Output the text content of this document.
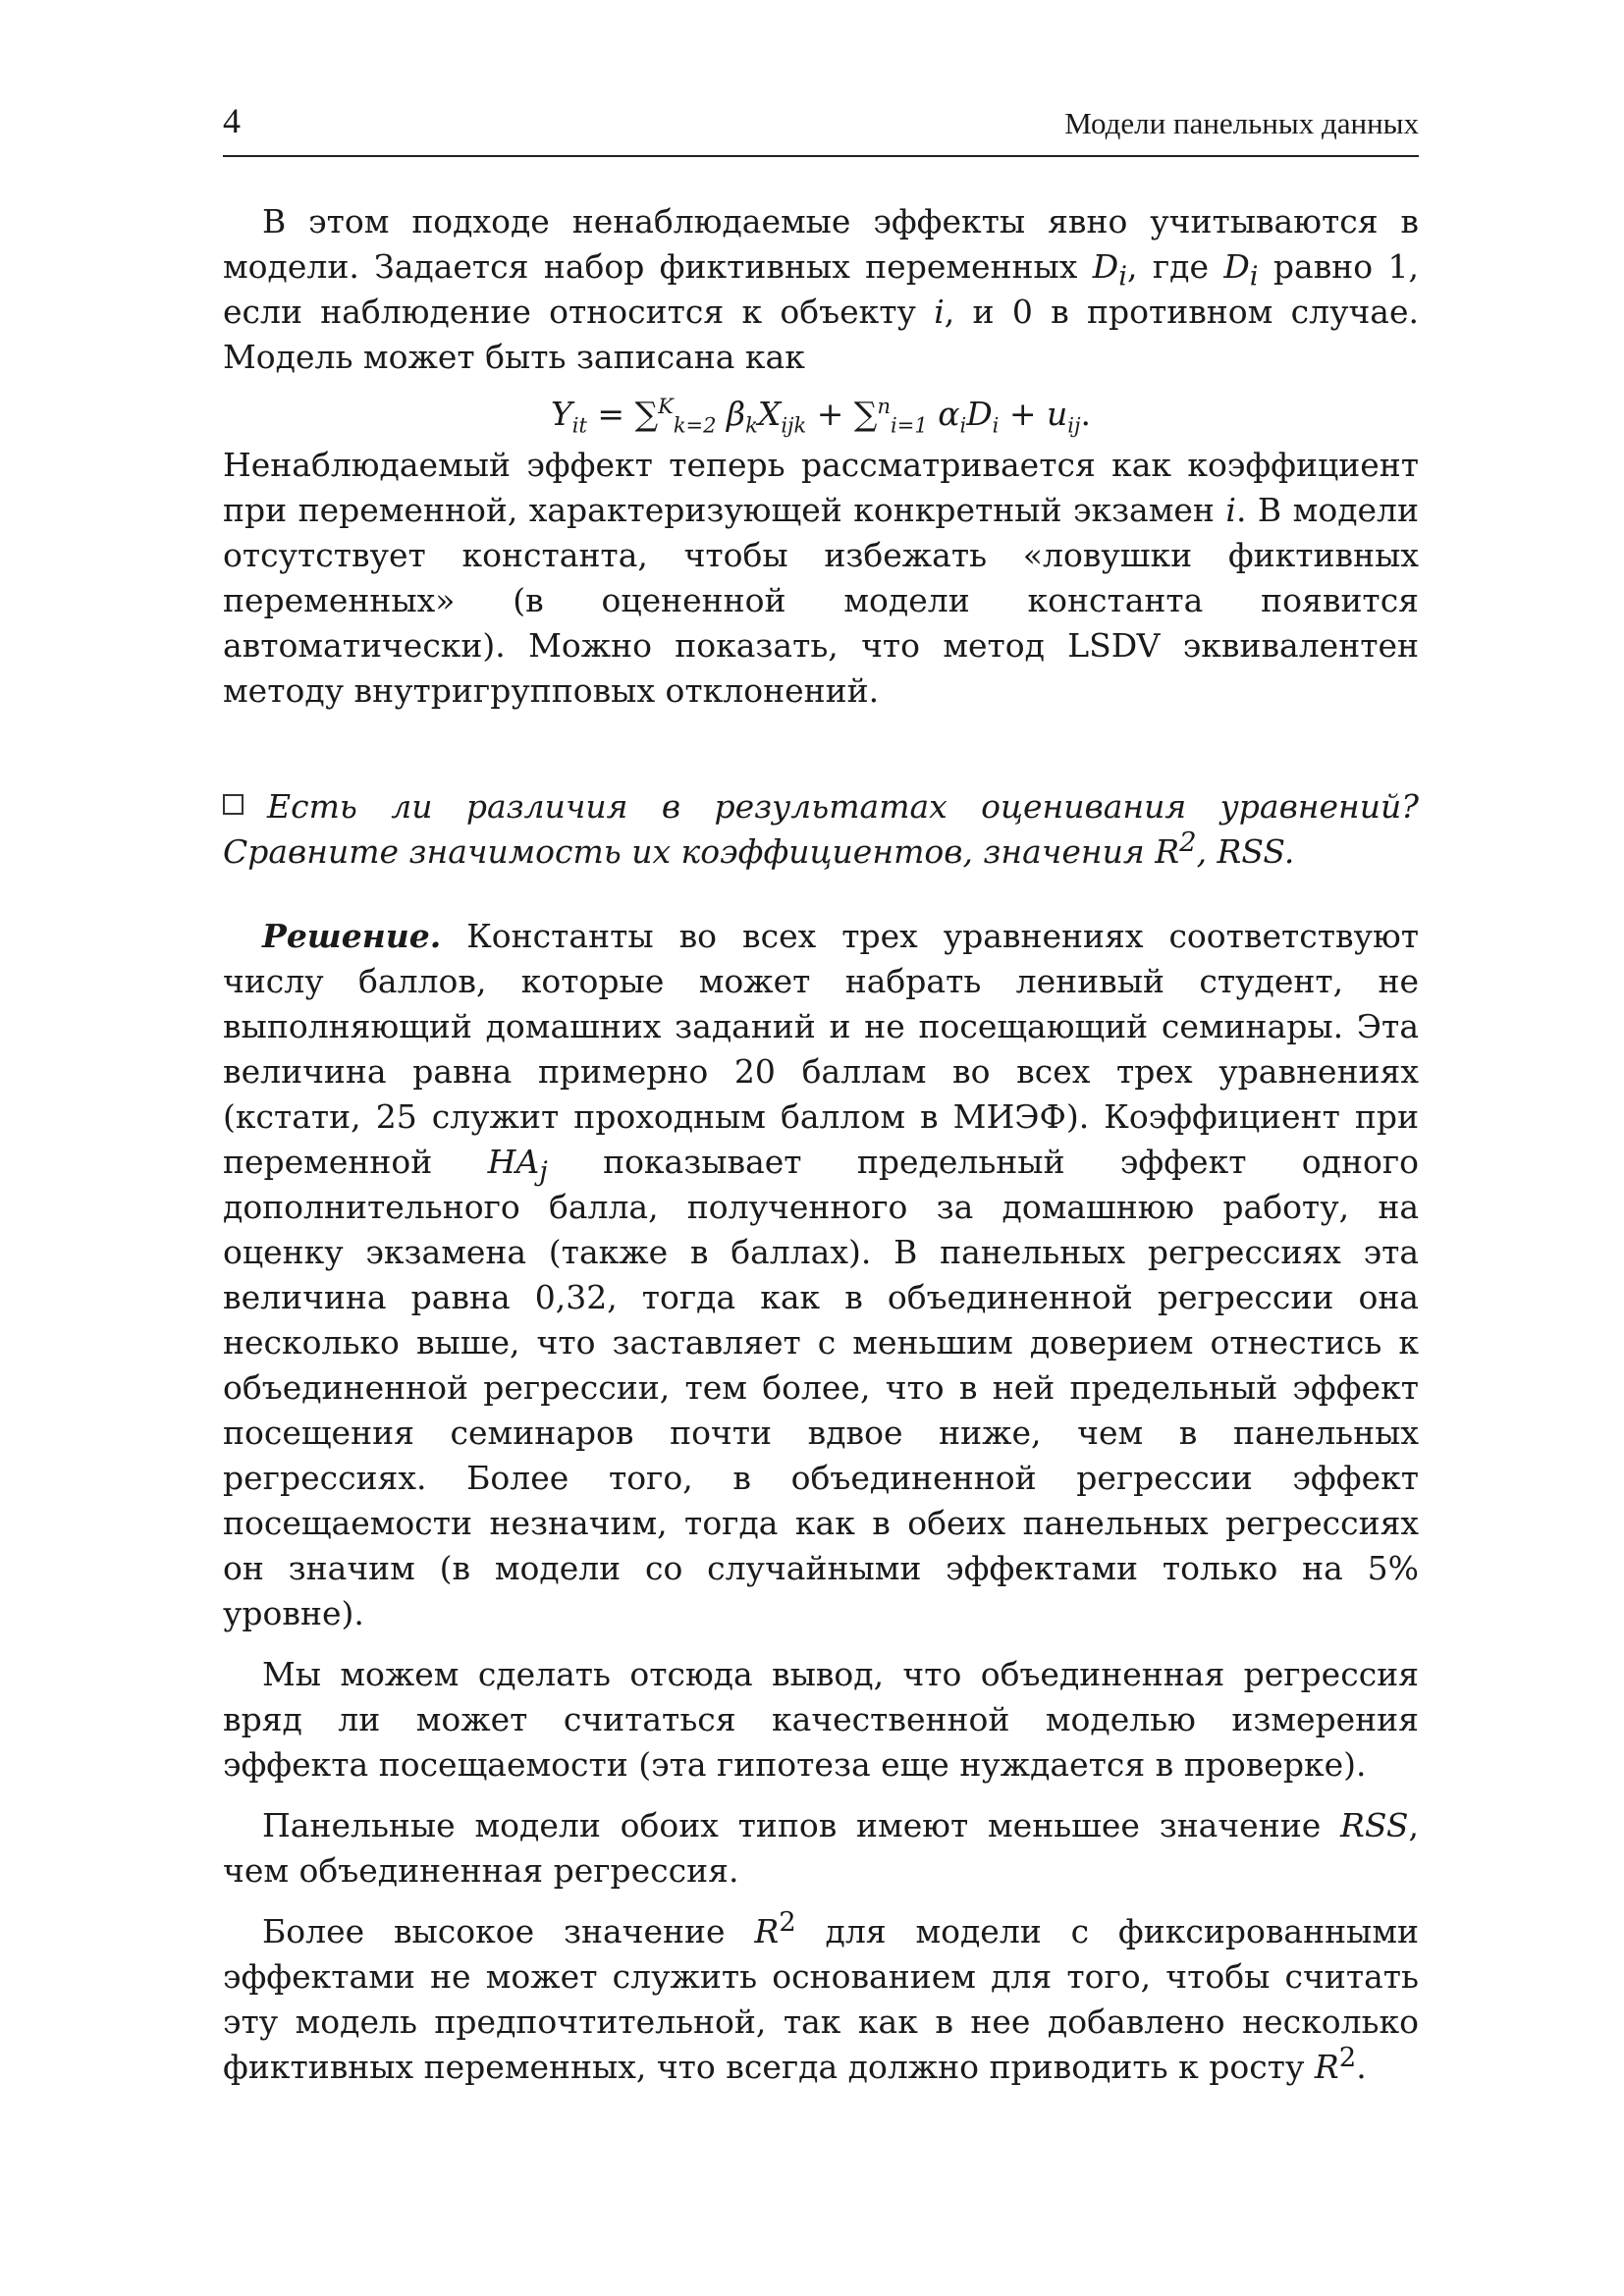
4	Модели панельных данных

В этом подходе ненаблюдаемые эффекты явно учитываются в модели. Задается набор фиктивных переменных $D_i$, где $D_i$ равно 1, если наблюдение относится к объекту i, и 0 в противном случае. Модель может быть записана как

$Y_{it} = \sum^K_{k=2}$ $\beta_kX_{ijk} + \sum^n_{i=1}$ $\alpha_iD_i + u_{ij}$.

Ненаблюдаемый эффект теперь рассматривается как коэффициент при переменной, характеризующей конкретный экзамен i. В модели отсутствует константа, чтобы избежать «ловушки фиктивных переменных» (в оцененной модели константа появится автоматически). Можно показать, что метод LSDV эквивалентен методу внутригрупповых отклонений.

Есть ли различия в результатах оценивания уравнений? Сравните значимость их коэффициентов, значения $R^2$, RSS.

Решение. Константы во всех трех уравнениях соответствуют числу баллов, которые может набрать ленивый студент, не выполняющий домашних заданий и не посещающий семинары. Эта величина равна примерно 20 баллам во всех трех уравнениях (кстати, 25 служит проходным баллом в МИЭФ). Коэффициент при переменной $HA_j$ показывает предельный эффект одного дополнительного балла, полученного за домашнюю работу, на оценку экзамена (также в баллах). В панельных регрессиях эта величина равна 0,32, тогда как в объединенной регрессии она несколько выше, что заставляет с меньшим доверием отнестись к объединенной регрессии, тем более, что в ней предельный эффект посещения семинаров почти вдвое ниже, чем в панельных регрессиях. Более того, в объединенной регрессии эффект посещаемости незначим, тогда как в обеих панельных регрессиях он значим (в модели со случайными эффектами только на 5% уровне).

Мы можем сделать отсюда вывод, что объединенная регрессия вряд ли может считаться качественной моделью измерения эффекта посещаемости (эта гипотеза еще нуждается в проверке).

Панельные модели обоих типов имеют меньшее значение RSS, чем объединенная регрессия.

Более высокое значение $R^2$ для модели с фиксированными эффектами не может служить основанием для того, чтобы считать эту модель предпочтительной, так как в нее добавлено несколько фиктивных переменных, что всегда должно приводить к росту $R^2$.
